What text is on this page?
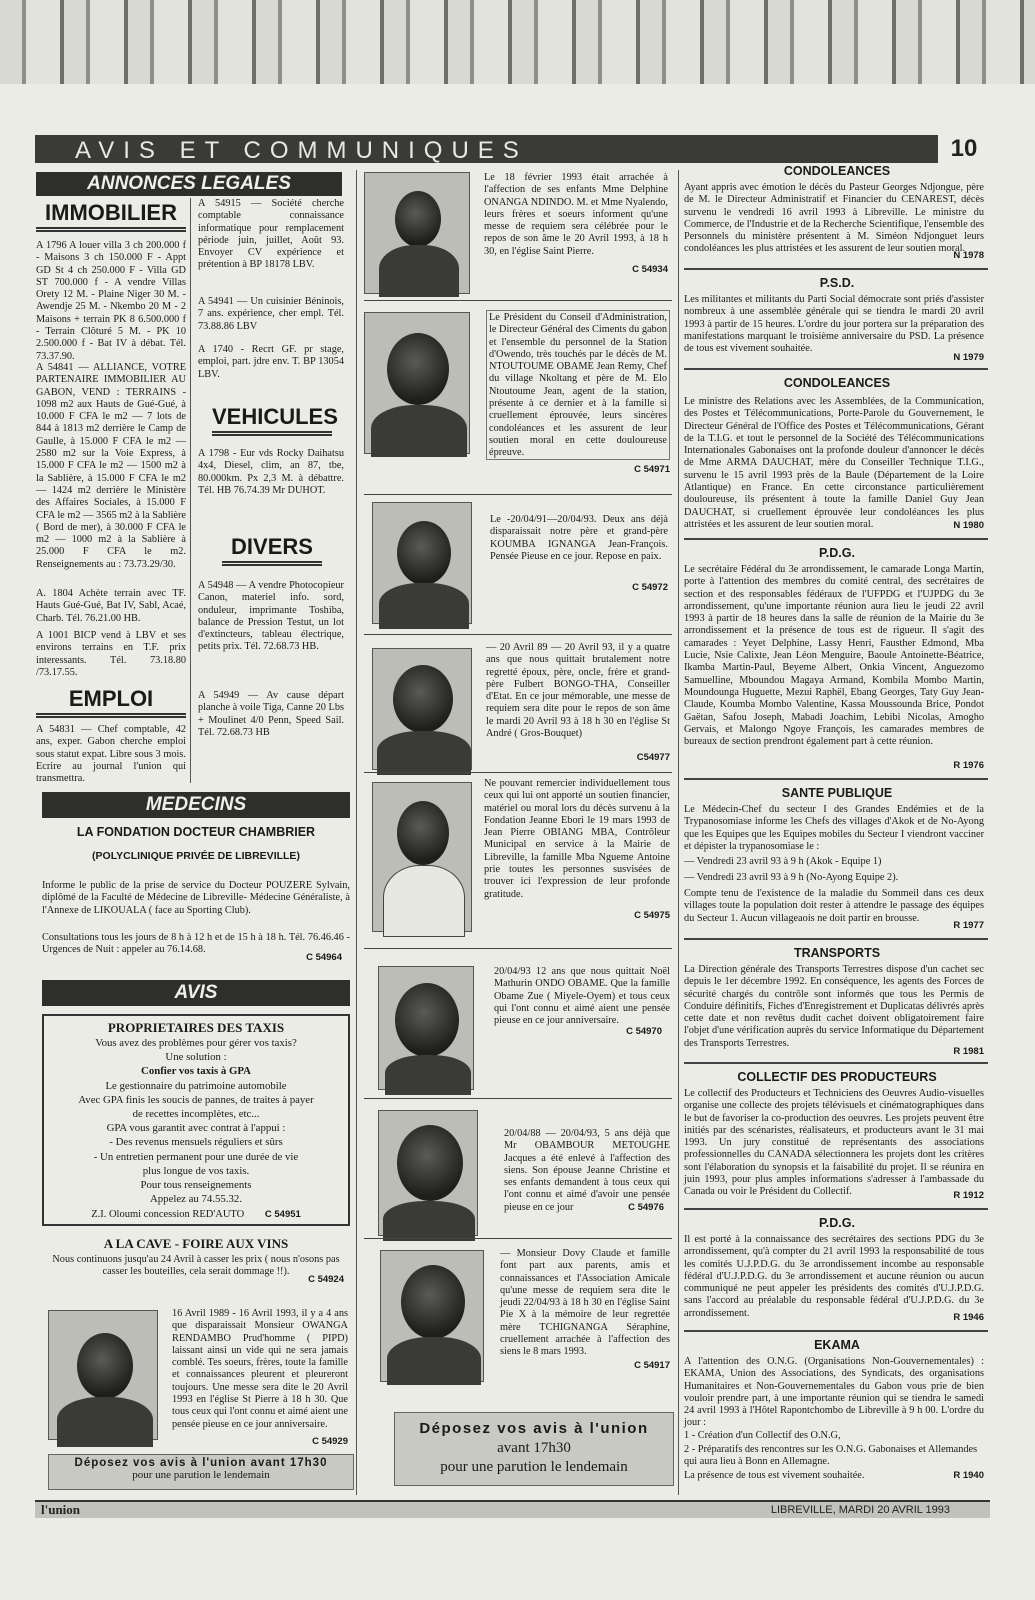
AVIS ET COMMUNIQUES	10
ANNONCES LEGALES
IMMOBILIER
A 1796 A louer villa 3 ch 200.000 f - Maisons 3 ch 150.000 F - Appt GD St 4 ch 250.000 F - Villa GD ST 700.000 f - A vendre Villas Orety 12 M. - Plaine Niger 30 M. - Awendje 25 M. - Nkembo 20 M - 2 Maisons + terrain PK 8 6.500.000 f - Terrain Clôturé 5 M. - PK 10 2.500.000 f - Bat IV à débat. Tél. 73.37.90.
A 54841 — ALLIANCE, VOTRE PARTENAIRE IMMOBILIER AU GABON, VEND : TERRAINS - 1098 m2 aux Hauts de Gué-Gué, à 10.000 F CFA le m2 — 7 lots de 844 à 1813 m2 derrière le Camp de Gaulle, à 15.000 F CFA le m2 — 2580 m2 sur la Voie Express, à 15.000 F CFA le m2 — 1500 m2 à la Sablière, à 15.000 F CFA le m2 — 1424 m2 derrière le Ministère des Affaires Sociales, à 15.000 F CFA le m2 — 3565 m2 à la Sablière ( Bord de mer), à 30.000 F CFA le m2 — 1000 m2 à la Sablière à 25.000 F CFA le m2. Renseignements au : 73.73.29/30.
A. 1804 Achète terrain avec TF. Hauts Gué-Gué, Bat IV, Sabl, Acaé, Charb. Tél. 76.21.00 HB.
A 1001 BICP vend à LBV et ses environs terrains en T.F. prix interessants. Tél. 73.18.80 /73.17.55.
EMPLOI
A 54831 — Chef comptable, 42 ans, exper. Gabon cherche emploi sous statut expat. Libre sous 3 mois. Ecrire au journal l'union qui transmettra.
A 54915 — Société cherche comptable connaissance informatique pour remplacement période juin, juillet, Août 93. Envoyer CV expérience et prétention à BP 18178 LBV.
A 54941 — Un cuisinier Béninois, 7 ans. expérience, cher empl. Tél. 73.88.86 LBV
A 1740 - Recrt GF. pr stage, emploi, part. jdre env. T. BP 13054 LBV.
VEHICULES
A 1798 - Eur vds Rocky Daihatsu 4x4, Diesel, clim, an 87, tbe, 80.000km. Px 2,3 M. à débattre. Tél. HB 76.74.39 Mr DUHOT.
DIVERS
A 54948 — A vendre Photocopieur Canon, materiel info. sord, onduleur, imprimante Toshiba, balance de Pression Testut, un lot d'extincteurs, tableau électrique, petits prix. Tél. 72.68.73 HB.
A 54949 — Av cause départ planche à voile Tiga, Canne 20 Lbs + Moulinet 4/0 Penn, Speed Sail. Tél. 72.68.73 HB
MEDECINS
LA FONDATION DOCTEUR CHAMBRIER
(POLYCLINIQUE PRIVÉE DE LIBREVILLE)
Informe le public de la prise de service du Docteur POUZERE Sylvain, diplômé de la Faculté de Médecine de Libreville- Médecine Généraliste, à l'Annexe de LIKOUALA ( face au Sporting Club).
Consultations tous les jours de 8 h à 12 h et de 15 h à 18 h. Tél. 76.46.46 - Urgences de Nuit : appeler au 76.14.68.
C 54964
AVIS
PROPRIETAIRES DES TAXIS
Vous avez des problèmes pour gérer vos taxis?
Une solution :
Confier vos taxis à GPA
Le gestionnaire du patrimoine automobile
Avec GPA finis les soucis de pannes, de traites à payer
de recettes incomplètes, etc...
GPA vous garantit avec contrat à l'appui :
- Des revenus mensuels réguliers et sûrs
- Un entretien permanent pour une durée de vie
plus longue de vos taxis.
Pour tous renseignements
Appelez au 74.55.32.
Z.I. Oloumi concession RED'AUTO C 54951
A LA CAVE - FOIRE AUX VINS
Nous continuons jusqu'au 24 Avril à casser les prix ( nous n'osons pas casser les bouteilles, cela serait dommage !!).
C 54924
16 Avril 1989 - 16 Avril 1993, il y a 4 ans que disparaissait Monsieur OWANGA RENDAMBO Prud'homme ( PIPD) laissant ainsi un vide qui ne sera jamais comblé. Tes soeurs, frères, toute la famille et connaissances pleurent et pleureront toujours. Une messe sera dite le 20 Avril 1993 en l'église St Pierre à 18 h 30. Que tous ceux qui l'ont connu et aimé aient une pensée pieuse en ce jour anniversaire.
C 54929
Déposez vos avis à l'union avant 17h30
pour une parution le lendemain
Le 18 février 1993 était arrachée à l'affection de ses enfants Mme Delphine ONANGA NDINDO. M. et Mme Nyalendo, leurs frères et soeurs informent qu'une messe de requiem sera célébrée pour le repos de son âme le 20 Avril 1993, à 18 h 30, en l'église Saint Pierre.
C 54934
Le Président du Conseil d'Administration, le Directeur Général des Ciments du gabon et l'ensemble du personnel de la Station d'Owendo, très touchés par le décès de M. NTOUTOUME OBAME Jean Remy, Chef du village Nkoltang et père de M. Elo Ntoutoume Jean, agent de la station, présente à ce dernier et à la famille si cruellement éprouvée, leurs sincères condoléances et les assurent de leur soutien moral en cette douloureuse épreuve.
C 54971
Le -20/04/91—20/04/93. Deux ans déjà disparaissait notre père et grand-père KOUMBA IGNANGA Jean-François. Pensée Pieuse en ce jour. Repose en paix.
C 54972
— 20 Avril 89 — 20 Avril 93, il y a quatre ans que nous quittait brutalement notre regretté époux, père, oncle, frère et grand-père Fulbert BONGO-THA, Conseiller d'Etat. En ce jour mémorable, une messe de requiem sera dite pour le repos de son âme le mardi 20 Avril 93 à 18 h 30 en l'église St André ( Gros-Bouquet)
C54977
Ne pouvant remercier individuellement tous ceux qui lui ont apporté un soutien financier, matériel ou moral lors du décès survenu à la Fondation Jeanne Ebori le 19 mars 1993 de Jean Pierre OBIANG MBA, Contrôleur Municipal en service à la Mairie de Libreville, la famille Mba Ngueme Antoine prie toutes les personnes susvisées de trouver ici l'expression de leur profonde gratitude.
C 54975
20/04/93 12 ans que nous quittait Noël Mathurin ONDO OBAME. Que la famille Obame Zue ( Miyele-Oyem) et tous ceux qui l'ont connu et aimé aient une pensée pieuse en ce jour anniversaire.
C 54970
20/04/88 — 20/04/93, 5 ans déjà que Mr OBAMBOUR METOUGHE Jacques a été enlevé à l'affection des siens. Son épouse Jeanne Christine et ses enfants demandent à tous ceux qui l'ont connu et aimé d'avoir une pensée pieuse en ce jour	C 54976
— Monsieur Dovy Claude et famille font part aux parents, amis et connaissances et l'Association Amicale qu'une messe de requiem sera dite le jeudi 22/04/93 à 18 h 30 en l'église Saint Pie X à la mémoire de leur regrettée mère TCHIGNANGA Séraphine, cruellement arrachée à l'affection des siens le 8 mars 1993.
C 54917
Déposez vos avis à l'union
avant 17h30
pour une parution le lendemain
CONDOLEANCES
Ayant appris avec émotion le décès du Pasteur Georges Ndjongue, père de M. le Directeur Administratif et Financier du CENAREST, décès survenu le vendredi 16 avril 1993 à Libreville. Le ministre du Commerce, de l'Industrie et de la Recherche Scientifique, l'ensemble des Personnels du ministère présentent à M. Siméon Ndjonguet leurs condoléances les plus attristées et les assurent de leur soutien moral.
N 1978
P.S.D.
Les militantes et militants du Parti Social démocrate sont priés d'assister nombreux à une assemblée générale qui se tiendra le mardi 20 avril 1993 à partir de 15 heures. L'ordre du jour portera sur la préparation des manifestations marquant le troisième anniversaire du PSD. La présence de tous est vivement souhaitée.
N 1979
CONDOLEANCES
Le ministre des Relations avec les Assemblées, de la Communication, des Postes et Télécommunications, Porte-Parole du Gouvernement, le Directeur Général de l'Office des Postes et Télécommunications, Gérant de la T.I.G. et tout le personnel de la Société des Télécommunications Internationales Gabonaises ont la profonde douleur d'annoncer le décès de Mme ARMA DAUCHAT, mère du Conseiller Technique T.I.G., survenu le 15 avril 1993 près de la Baule (Département de la Loire Atlantique) en France. En cette circonstance particulièrement douloureuse, ils présentent à toute la famille Daniel Guy Jean DAUCHAT, si cruellement éprouvée leur condoléances les plus attristées et les assurent de leur soutien moral.	N 1980
P.D.G.
Le secrétaire Fédéral du 3e arrondissement, le camarade Longa Martin, porte à l'attention des membres du comité central, des secrétaires de section et des responsables fédéraux de l'UFPDG et l'UJPDG du 3e arrondissement, qu'une importante réunion aura lieu le jeudi 22 avril 1993 à partir de 18 heures dans la salle de réunion de la Mairie du 3e arrondissement et la présence de tous est de rigueur. Il s'agit des camarades : Yeyet Delphine, Lassy Henri, Fausther Edmond, Mba Lucie, Nsie Calixte, Jean Léon Menguire, Baoule Antoinette-Béatrice, Ikamba Martin-Paul, Beyeme Albert, Onkia Vincent, Anguezomo Samuelline, Mboundou Magaya Armand, Kombila Mombo Martin, Moundounga Huguette, Mezui Raphël, Ebang Georges, Taty Guy Jean-Claude, Koumba Mombo Valentine, Kassa Moussounda Brice, Pondot Gaëtan, Safou Joseph, Mabadi Joachim, Lebibi Nicolas, Amogho Gervais, et Malongo Ngoye François, les camarades membres de bureaux de section prendront également part à cette réunion.
R 1976
SANTE PUBLIQUE
Le Médecin-Chef du secteur I des Grandes Endémies et de la Trypanosomiase informe les Chefs des villages d'Akok et de No-Ayong que les Equipes que les Equipes mobiles du Secteur I viendront vacciner et dépister la trypanosomiase le :
— Vendredi 23 avril 93 à 9 h (Akok - Equipe 1)
— Vendredi 23 avril 93 à 9 h (No-Ayong Equipe 2).
Compte tenu de l'existence de la maladie du Sommeil dans ces deux villages toute la population doit rester à attendre le passage des équipes du Secteur 1. Aucun villageaois ne doit partir en brousse.
R 1977
TRANSPORTS
La Direction générale des Transports Terrestres dispose d'un cachet sec depuis le 1er décembre 1992. En conséquence, les agents des Forces de sécurité chargés du contrôle sont informés que tous les Permis de Conduire définitifs, Fiches d'Enregistrement et Duplicatas délivrés après cette date et non revêtus dudit cachet doivent obligatoirement faire l'objet d'une vérification auprès du service Informatique du Département des Transports Terrestres.
R 1981
COLLECTIF DES PRODUCTEURS
Le collectif des Producteurs et Techniciens des Oeuvres Audio-visuelles organise une collecte des projets télévisuels et cinématographiques dans le but de favoriser la co-production des oeuvres. Les projets peuvent être initiés par des scénaristes, réalisateurs, et producteurs avant le 31 mai 1993. Un jury constitué de représentants des associations professionnelles du CANADA sélectionnera les projets dont les critères sont l'élaboration du synopsis et la faisabilité du projet. Il se réunira en juin 1993, pour plus amples informations s'adresser à l'ambassade du Canada ou voir le Président du Collectif.	R 1912
P.D.G.
Il est porté à la connaissance des secrétaires des sections PDG du 3e arrondissement, qu'à compter du 21 avril 1993 la responsabilité de tous les comités U.J.P.D.G. du 3e arrondissement incombe au responsable fédéral d'U.J.P.D.G. du 3e arrondissement et aucune réunion ou aucun communiqué ne peut appeler les présidents des comités d'U.J.P.D.G. sans l'accord au préalable du responsable fédéral d'U.J.P.D.G. du 3e arrondissement.	R 1946
EKAMA
A l'attention des O.N.G. (Organisations Non-Gouvernementales) : EKAMA, Union des Associations, des Syndicats, des organisations Humanitaires et Non-Gouvernementales du Gabon vous prie de bien vouloir prendre part, à une importante réunion qui se tiendra le samedi 24 avril 1993 à l'Hôtel Rapontchombo de Libreville à 9 h 00. L'ordre du jour :
1 - Création d'un Collectif des O.N.G,
2 - Préparatifs des rencontres sur les O.N.G. Gabonaises et Allemandes qui aura lieu à Bonn en Allemagne.
La présence de tous est vivement souhaitée.	R 1940
l'union	LIBREVILLE, MARDI 20 AVRIL 1993
